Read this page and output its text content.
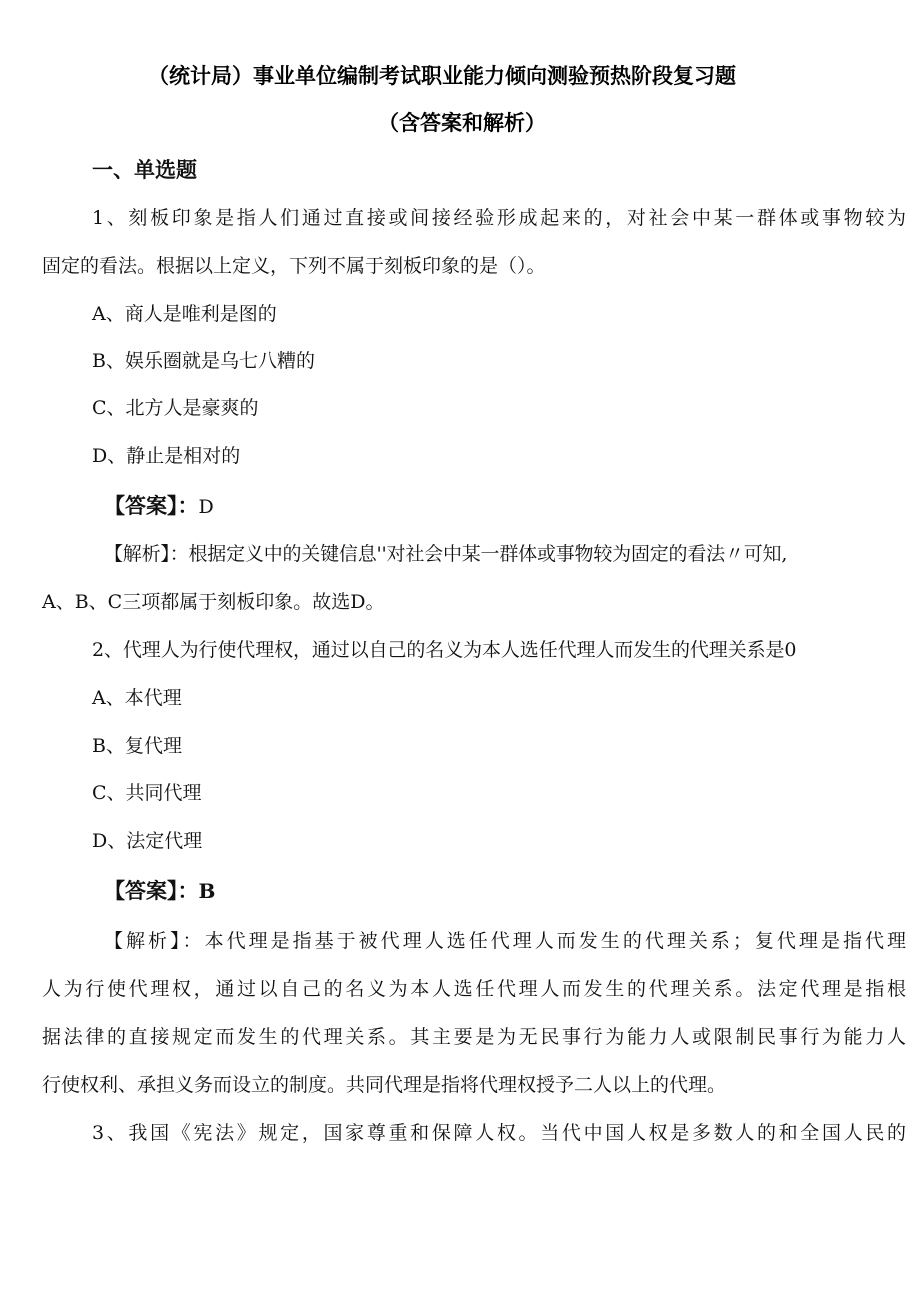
（统计局）事业单位编制考试职业能力倾向测验预热阶段复习题
（含答案和解析）
一、单选题
1、刻板印象是指人们通过直接或间接经验形成起来的，对社会中某一群体或事物较为
固定的看法。根据以上定义，下列不属于刻板印象的是（）。
A、商人是唯利是图的
B、娱乐圈就是乌七八糟的
C、北方人是豪爽的
D、静止是相对的
【答案】：D
【解析】：根据定义中的关键信息''对社会中某一群体或事物较为固定的看法〃可知,
A、B、C三项都属于刻板印象。故选D。
2、代理人为行使代理权，通过以自己的名义为本人选任代理人而发生的代理关系是0
A、本代理
B、复代理
C、共同代理
D、法定代理
【答案】：B
【解析】：本代理是指基于被代理人选任代理人而发生的代理关系；复代理是指代理
人为行使代理权，通过以自己的名义为本人选任代理人而发生的代理关系。法定代理是指根
据法律的直接规定而发生的代理关系。其主要是为无民事行为能力人或限制民事行为能力人
行使权利、承担义务而设立的制度。共同代理是指将代理权授予二人以上的代理。
3、我国《宪法》规定，国家尊重和保障人权。当代中国人权是多数人的和全国人民的
